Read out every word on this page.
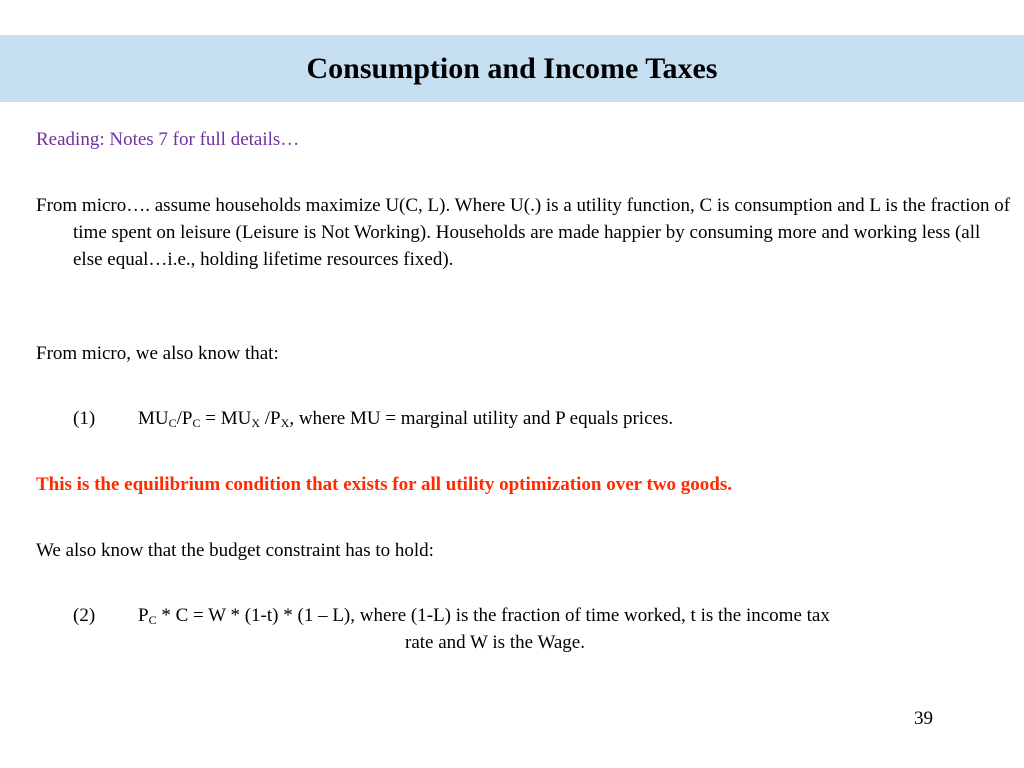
Consumption and Income Taxes
Reading: Notes 7 for full details…
From micro…. assume households maximize U(C, L). Where U(.) is a utility function, C is consumption and L is the fraction of time spent on leisure (Leisure is Not Working). Households are made happier by consuming more and working less (all else equal…i.e., holding lifetime resources fixed).
From micro, we also know that:
(1) $MU_C/P_C = MU_X$ $/P_X$, where MU = marginal utility and P equals prices.
This is the equilibrium condition that exists for all utility optimization over two goods.
We also know that the budget constraint has to hold:
(2) $P_C * C = W * (1-t) * (1 - L)$, where (1-L) is the fraction of time worked, t is the income tax
rate and W is the Wage.
39
